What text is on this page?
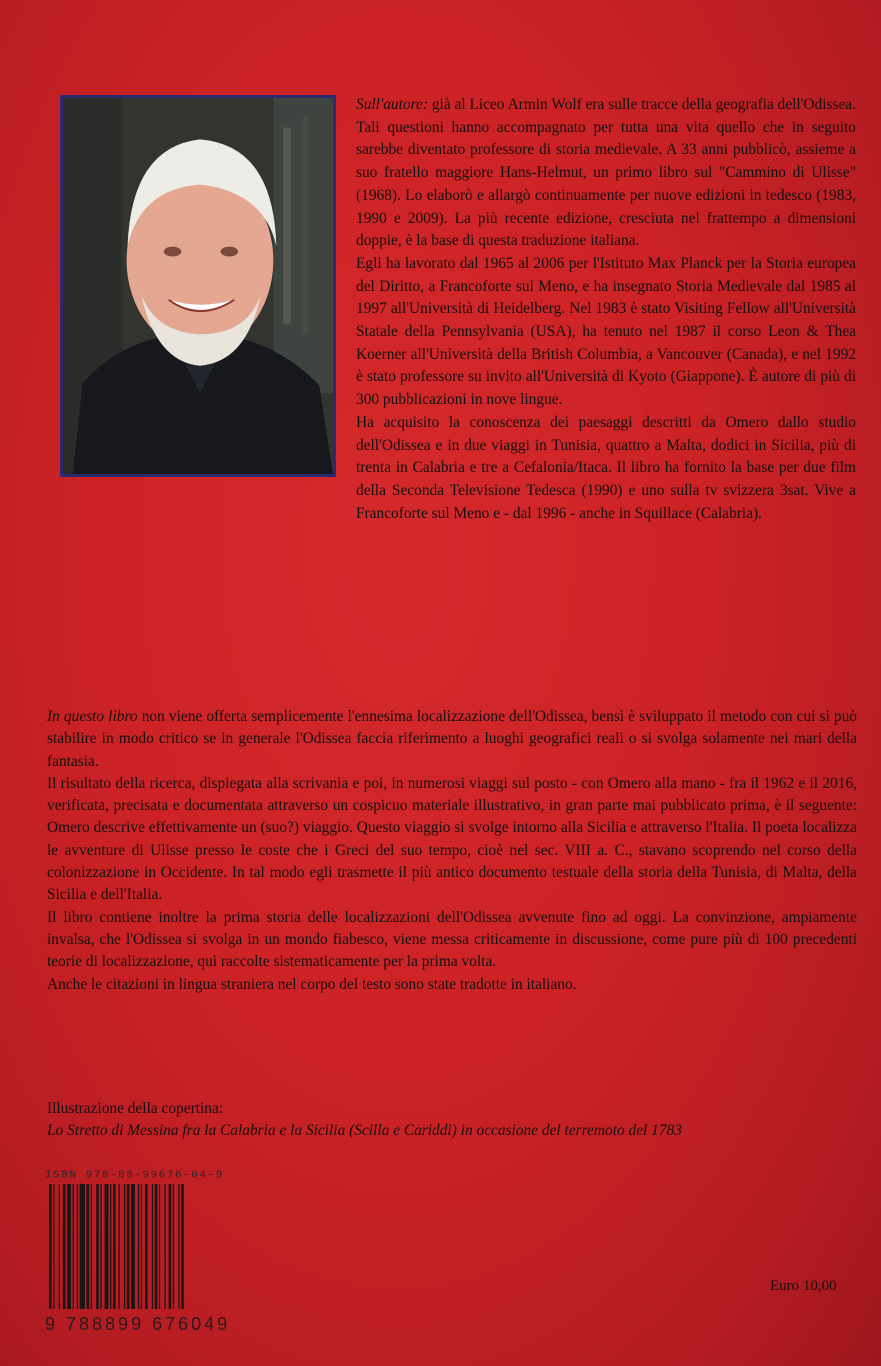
Sull'autore: già al Liceo Armin Wolf era sulle tracce della geografia dell'Odissea. Tali questioni hanno accompagnato per tutta una vita quello che in seguito sarebbe diventato professore di storia medievale. A 33 anni pubblicò, assieme a suo fratello maggiore Hans-Helmut, un primo libro sul "Cammino di Ulisse" (1968). Lo elaborò e allargò continuamente per nuove edizioni in tedesco (1983, 1990 e 2009). La più recente edizione, cresciuta nel frattempo a dimensioni doppie, è la base di questa traduzione italiana.

Egli ha lavorato dal 1965 al 2006 per l'Istituto Max Planck per la Storia europea del Diritto, a Francoforte sul Meno, e ha insegnato Storia Medievale dal 1985 al 1997 all'Università di Heidelberg. Nel 1983 è stato Visiting Fellow all'Università Statale della Pennsylvania (USA), ha tenuto nel 1987 il corso Leon & Thea Koerner all'Università della British Columbia, a Vancouver (Canada), e nel 1992 è stato professore su invito all'Università di Kyoto (Giappone). È autore di più di 300 pubblicazioni in nove lingue.

Ha acquisito la conoscenza dei paesaggi descritti da Omero dallo studio dell'Odissea e in due viaggi in Tunisia, quattro a Malta, dodici in Sicilia, più di trenta in Calabria e tre a Cefalonia/Itaca. Il libro ha fornito la base per due film della Seconda Televisione Tedesca (1990) e uno sulla tv svizzera 3sat. Vive a Francoforte sul Meno e - dal 1996 - anche in Squillace (Calabria).

In questo libro non viene offerta semplicemente l'ennesima localizzazione dell'Odissea, bensì è sviluppato il metodo con cui si può stabilire in modo critico se in generale l'Odissea faccia riferimento a luoghi geografici reali o si svolga solamente nei mari della fantasia.

Il risultato della ricerca, dispiegata alla scrivania e poi, in numerosi viaggi sul posto - con Omero alla mano - fra il 1962 e il 2016, verificata, precisata e documentata attraverso un cospicuo materiale illustrativo, in gran parte mai pubblicato prima, è il seguente: Omero descrive effettivamente un (suo?) viaggio. Questo viaggio si svolge intorno alla Sicilia e attraverso l'Italia. Il poeta localizza le avventure di Ulisse presso le coste che i Greci del suo tempo, cioè nel sec. VIII a. C., stavano scoprendo nel corso della colonizzazione in Occidente. In tal modo egli trasmette il più antico documento testuale della storia della Tunisia, di Malta, della Sicilia e dell'Italia.

Il libro contiene inoltre la prima storia delle localizzazioni dell'Odissea avvenute fino ad oggi. La convinzione, ampiamente invalsa, che l'Odissea si svolga in un mondo fiabesco, viene messa criticamente in discussione, come pure più di 100 precedenti teorie di localizzazione, qui raccolte sistematicamente per la prima volta.

Anche le citazioni in lingua straniera nel corpo del testo sono state tradotte in italiano.

Illustrazione della copertina:

Lo Stretto di Messina fra la Calabria e la Sicilia (Scilla e Cariddi) in occasione del terremoto del 1783

ISBN 978-88-99676-04-9
9 788899 676049
Euro 10,00
